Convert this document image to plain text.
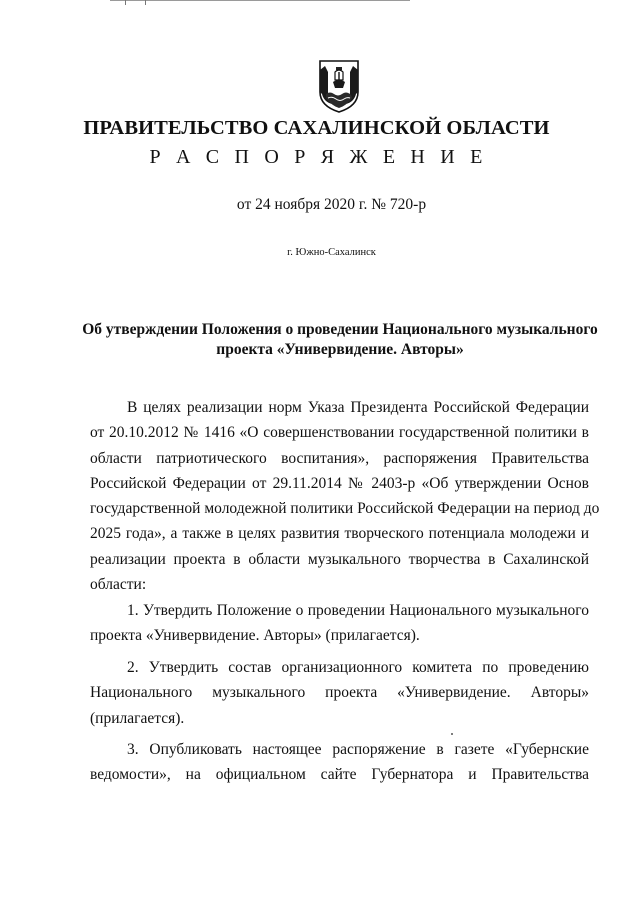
ПРАВИТЕЛЬСТВО САХАЛИНСКОЙ ОБЛАСТИ
Р А С П О Р Я Ж Е Н И Е
от 24 ноября 2020 г. № 720-р
г. Южно-Сахалинск
Об утверждении Положения о проведении Национального музыкального
проекта «Универвидение. Авторы»
В целях реализации норм Указа Президента Российской Федерации
от 20.10.2012 № 1416 «О совершенствовании государственной политики в
области патриотического воспитания», распоряжения Правительства
Российской Федерации от 29.11.2014 № 2403-р «Об утверждении Основ
государственной молодежной политики Российской Федерации на период до
2025 года», а также в целях развития творческого потенциала молодежи и
реализации проекта в области музыкального творчества в Сахалинской
области:
1. Утвердить Положение о проведении Национального музыкального
проекта «Универвидение. Авторы» (прилагается).
2. Утвердить состав организационного комитета по проведению
Национального музыкального проекта «Универвидение. Авторы»
(прилагается).
3. Опубликовать настоящее распоряжение в газете «Губернские
ведомости», на официальном сайте Губернатора и Правительства
